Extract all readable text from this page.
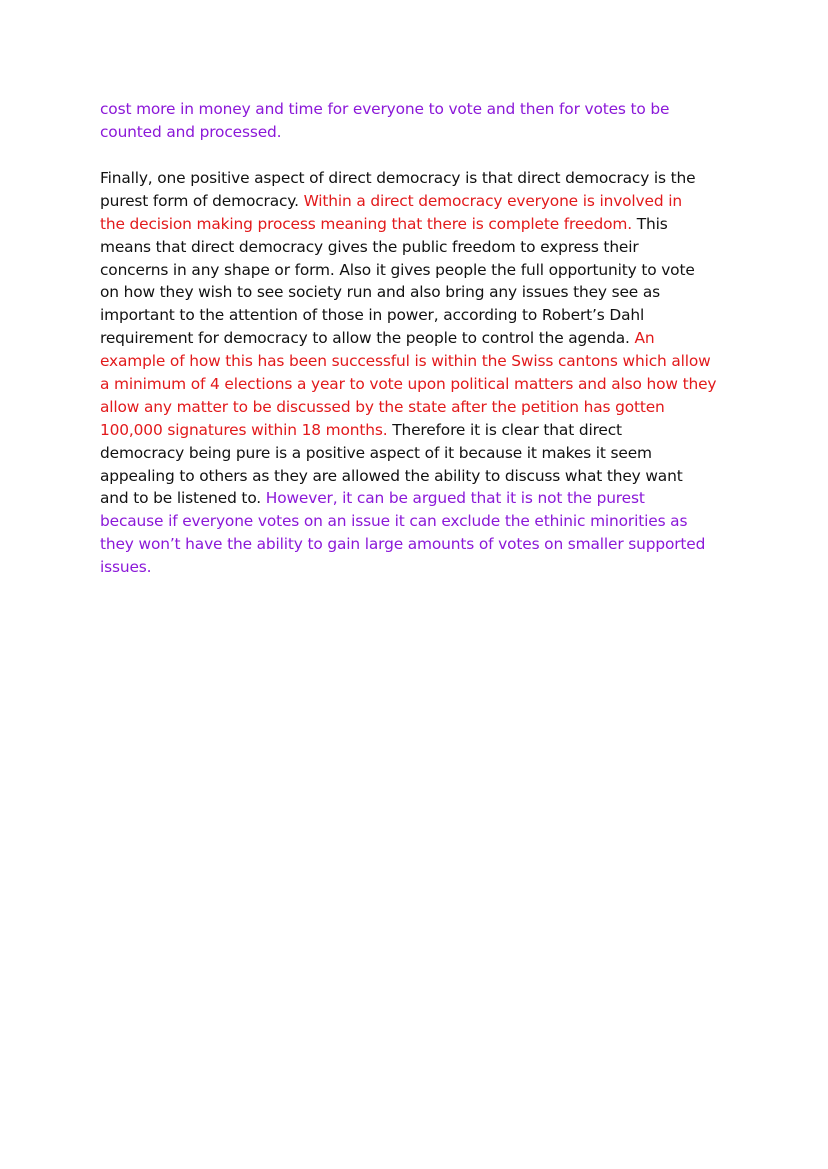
cost more in money and time for everyone to vote and then for votes to be
counted and processed.
Finally, one positive aspect of direct democracy is that direct democracy is the
purest form of democracy. Within a direct democracy everyone is involved in
the decision making process meaning that there is complete freedom. This
means that direct democracy gives the public freedom to express their
concerns in any shape or form. Also it gives people the full opportunity to vote
on how they wish to see society run and also bring any issues they see as
important to the attention of those in power, according to Robert’s Dahl
requirement for democracy to allow the people to control the agenda. An
example of how this has been successful is within the Swiss cantons which allow
a minimum of 4 elections a year to vote upon political matters and also how they
allow any matter to be discussed by the state after the petition has gotten
100,000 signatures within 18 months. Therefore it is clear that direct
democracy being pure is a positive aspect of it because it makes it seem
appealing to others as they are allowed the ability to discuss what they want
and to be listened to. However, it can be argued that it is not the purest
because if everyone votes on an issue it can exclude the ethinic minorities as
they won’t have the ability to gain large amounts of votes on smaller supported
issues.
